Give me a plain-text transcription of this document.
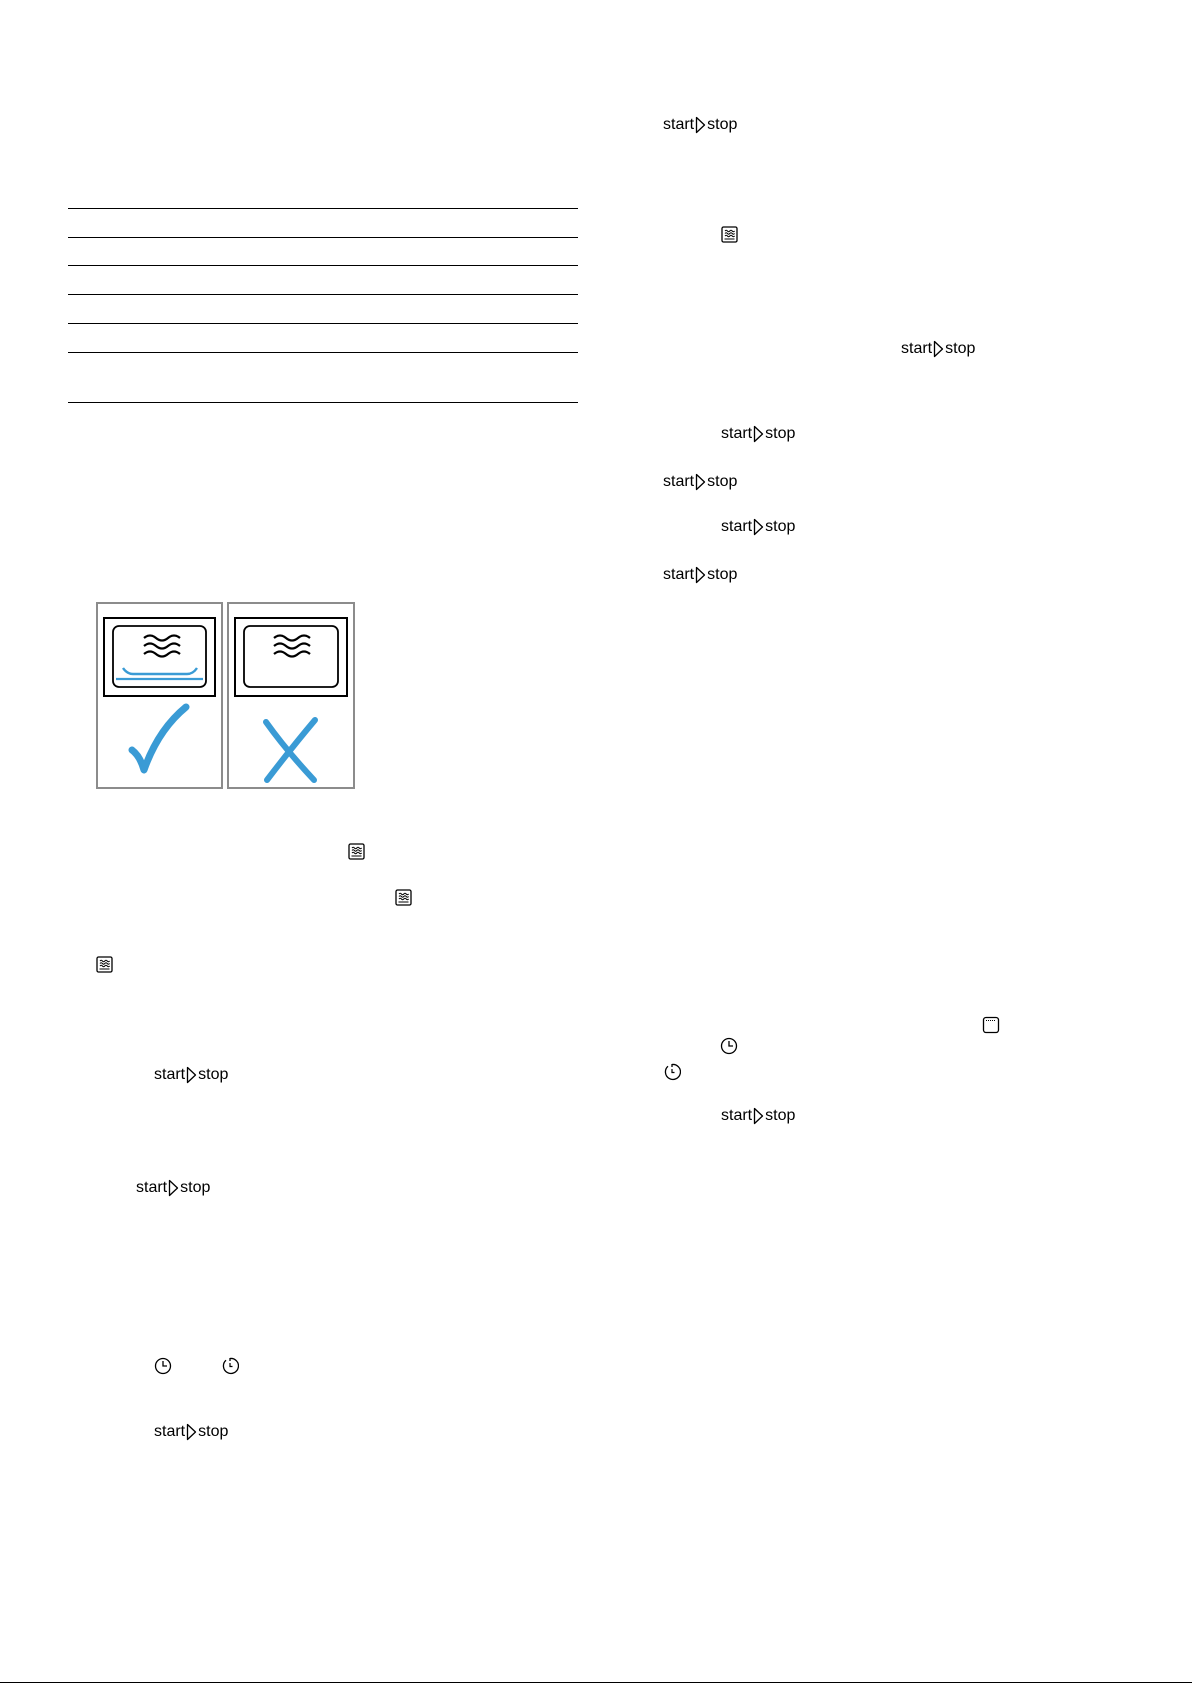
start stop
start stop
start stop
start stop
start stop
start stop
start stop
start stop
start stop
start stop
